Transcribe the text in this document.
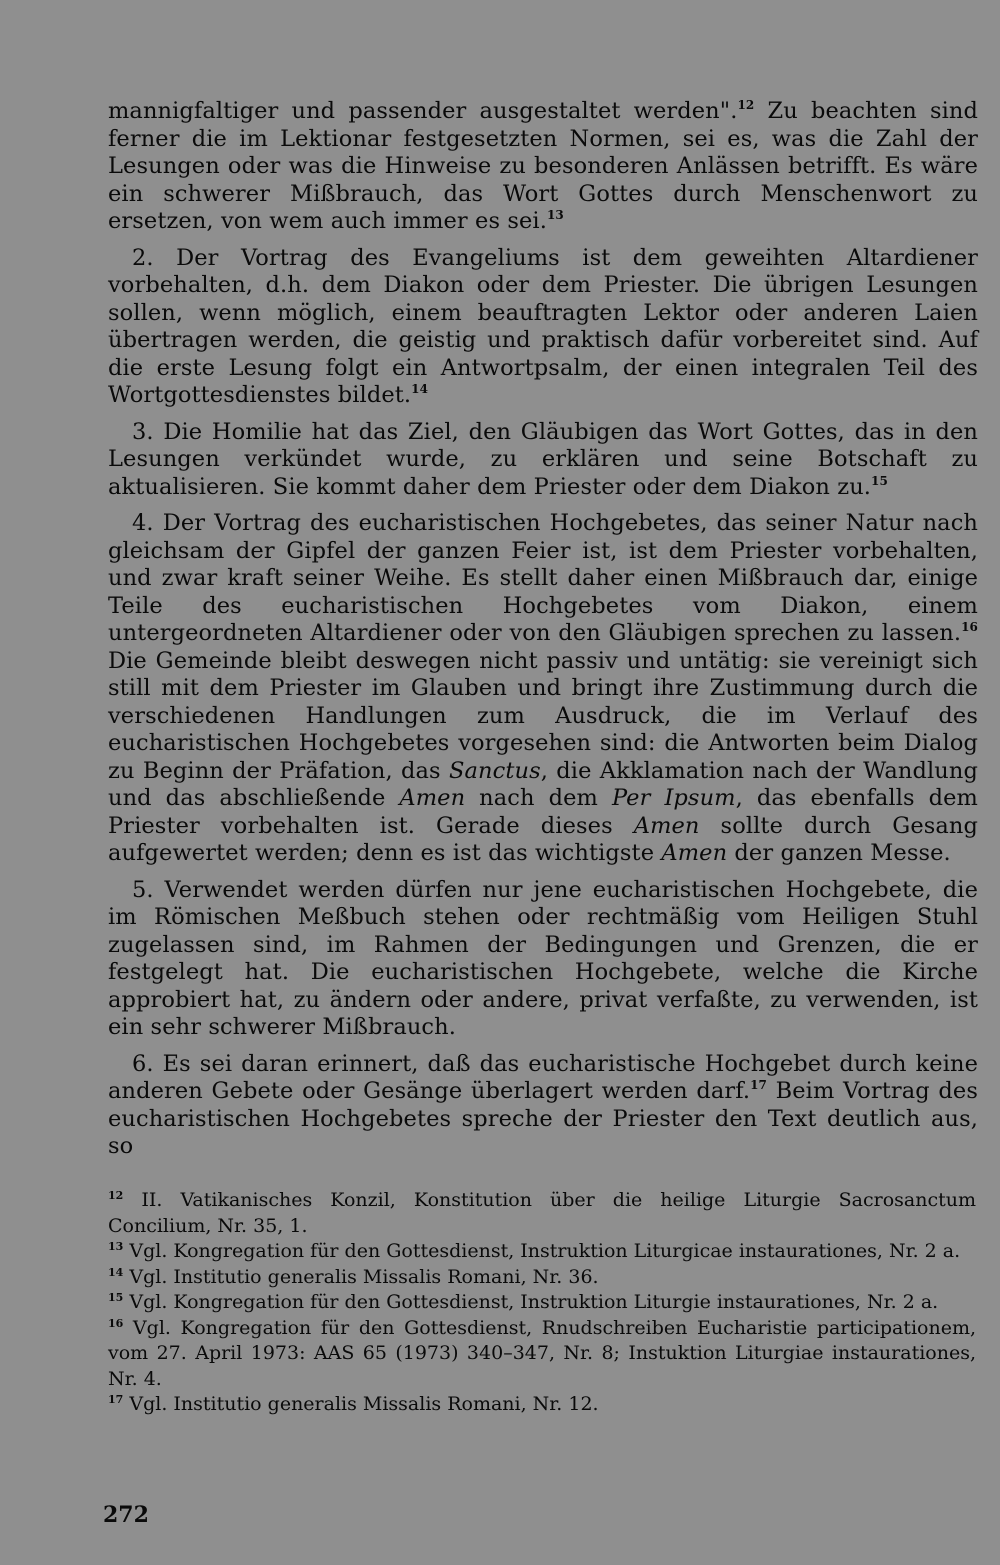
mannigfaltiger und passender ausgestaltet werden".$^{12}$ Zu beachten sind ferner die im Lektionar festgesetzten Normen, sei es, was die Zahl der Lesungen oder was die Hinweise zu besonderen Anlässen betrifft. Es wäre ein schwerer Mißbrauch, das Wort Gottes durch Menschenwort zu ersetzen, von wem auch immer es sei.$^{13}$

2. Der Vortrag des Evangeliums ist dem geweihten Altardiener vorbehalten, d.h. dem Diakon oder dem Priester. Die übrigen Lesungen sollen, wenn möglich, einem beauftragten Lektor oder anderen Laien übertragen werden, die geistig und praktisch dafür vorbereitet sind. Auf die erste Lesung folgt ein Antwortpsalm, der einen integralen Teil des Wortgottesdienstes bildet.$^{14}$

3. Die Homilie hat das Ziel, den Gläubigen das Wort Gottes, das in den Lesungen verkündet wurde, zu erklären und seine Botschaft zu aktualisieren. Sie kommt daher dem Priester oder dem Diakon zu.$^{15}$

4. Der Vortrag des eucharistischen Hochgebetes, das seiner Natur nach gleichsam der Gipfel der ganzen Feier ist, ist dem Priester vorbehalten, und zwar kraft seiner Weihe. Es stellt daher einen Mißbrauch dar, einige Teile des eucharistischen Hochgebetes vom Diakon, einem untergeordneten Altardiener oder von den Gläubigen sprechen zu lassen.$^{16}$ Die Gemeinde bleibt deswegen nicht passiv und untätig: sie vereinigt sich still mit dem Priester im Glauben und bringt ihre Zustimmung durch die verschiedenen Handlungen zum Ausdruck, die im Verlauf des eucharistischen Hochgebetes vorgesehen sind: die Antworten beim Dialog zu Beginn der Präfation, das Sanctus, die Akklamation nach der Wandlung und das abschließende Amen nach dem Per Ipsum, das ebenfalls dem Priester vorbehalten ist. Gerade dieses Amen sollte durch Gesang aufgewertet werden; denn es ist das wichtigste Amen der ganzen Messe.

5. Verwendet werden dürfen nur jene eucharistischen Hochgebete, die im Römischen Meßbuch stehen oder rechtmäßig vom Heiligen Stuhl zugelassen sind, im Rahmen der Bedingungen und Grenzen, die er festgelegt hat. Die eucharistischen Hochgebete, welche die Kirche approbiert hat, zu ändern oder andere, privat verfaßte, zu verwenden, ist ein sehr schwerer Mißbrauch.

6. Es sei daran erinnert, daß das eucharistische Hochgebet durch keine anderen Gebete oder Gesänge überlagert werden darf.$^{17}$ Beim Vortrag des eucharistischen Hochgebetes spreche der Priester den Text deutlich aus, so

$^{12}$ II. Vatikanisches Konzil, Konstitution über die heilige Liturgie Sacrosanctum Concilium, Nr. 35, 1.

$^{13}$ Vgl. Kongregation für den Gottesdienst, Instruktion Liturgicae instaurationes, Nr. 2 a.

$^{14}$ Vgl. Institutio generalis Missalis Romani, Nr. 36.

$^{15}$ Vgl. Kongregation für den Gottesdienst, Instruktion Liturgie instaurationes, Nr. 2 a.

$^{16}$ Vgl. Kongregation für den Gottesdienst, Rnudschreiben Eucharistie participationem, vom 27. April 1973: AAS 65 (1973) 340–347, Nr. 8; Instuktion Liturgiae instaurationes, Nr. 4.

$^{17}$ Vgl. Institutio generalis Missalis Romani, Nr. 12.

272
